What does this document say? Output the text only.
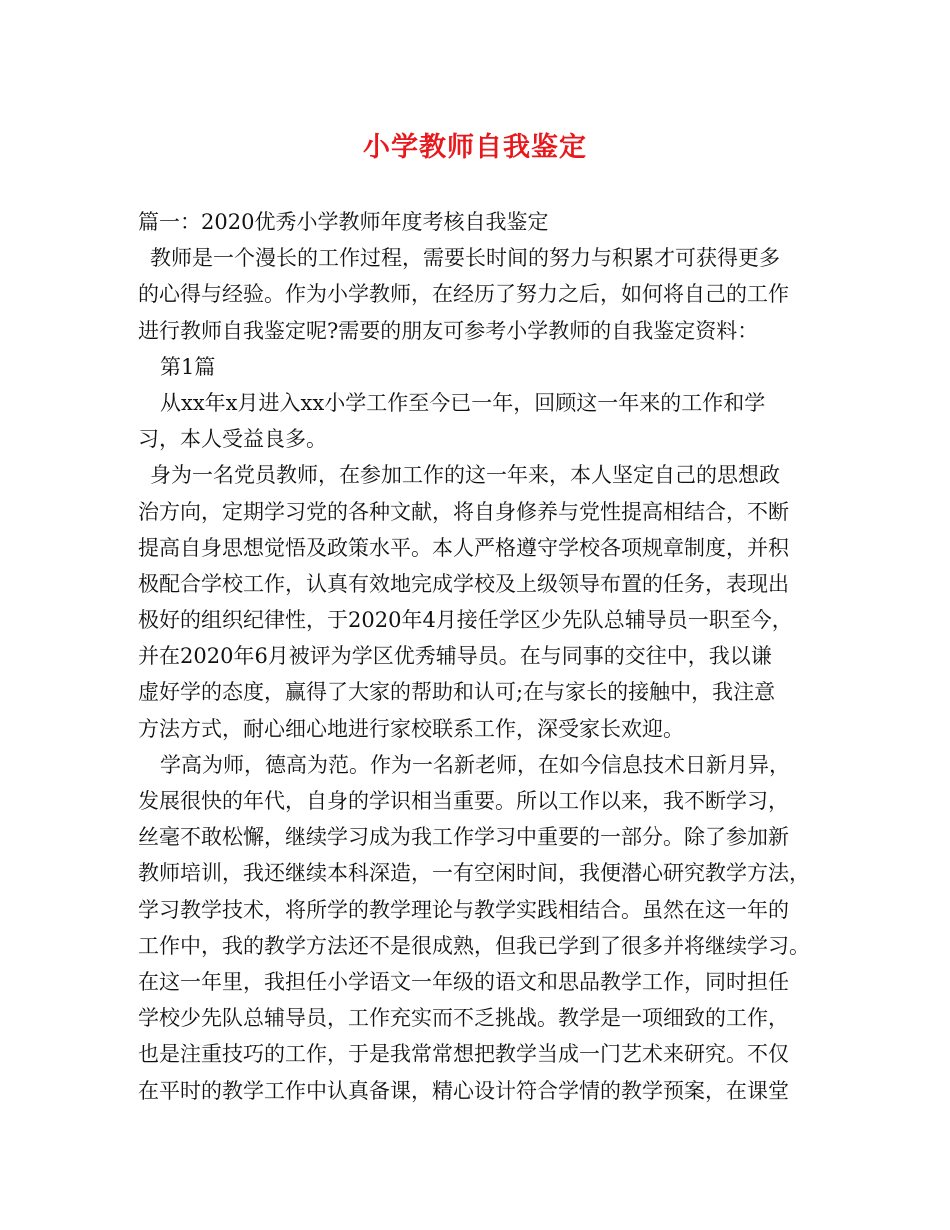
小学教师自我鉴定
篇一：2020优秀小学教师年度考核自我鉴定
教师是一个漫长的工作过程，需要长时间的努力与积累才可获得更多
的心得与经验。作为小学教师，在经历了努力之后，如何将自己的工作
进行教师自我鉴定呢?需要的朋友可参考小学教师的自我鉴定资料：
第1篇
从xx年x月进入xx小学工作至今已一年，回顾这一年来的工作和学
习，本人受益良多。
身为一名党员教师，在参加工作的这一年来，本人坚定自己的思想政
治方向，定期学习党的各种文献，将自身修养与党性提高相结合，不断
提高自身思想觉悟及政策水平。本人严格遵守学校各项规章制度，并积
极配合学校工作，认真有效地完成学校及上级领导布置的任务，表现出
极好的组织纪律性，于2020年4月接任学区少先队总辅导员一职至今，
并在2020年6月被评为学区优秀辅导员。在与同事的交往中，我以谦
虚好学的态度，赢得了大家的帮助和认可;在与家长的接触中，我注意
方法方式，耐心细心地进行家校联系工作，深受家长欢迎。
学高为师，德高为范。作为一名新老师，在如今信息技术日新月异，
发展很快的年代，自身的学识相当重要。所以工作以来，我不断学习，
丝毫不敢松懈，继续学习成为我工作学习中重要的一部分。除了参加新
教师培训，我还继续本科深造，一有空闲时间，我便潜心研究教学方法，
学习教学技术，将所学的教学理论与教学实践相结合。虽然在这一年的
工作中，我的教学方法还不是很成熟，但我已学到了很多并将继续学习。
在这一年里，我担任小学语文一年级的语文和思品教学工作，同时担任
学校少先队总辅导员，工作充实而不乏挑战。教学是一项细致的工作，
也是注重技巧的工作，于是我常常想把教学当成一门艺术来研究。不仅
在平时的教学工作中认真备课，精心设计符合学情的教学预案，在课堂
